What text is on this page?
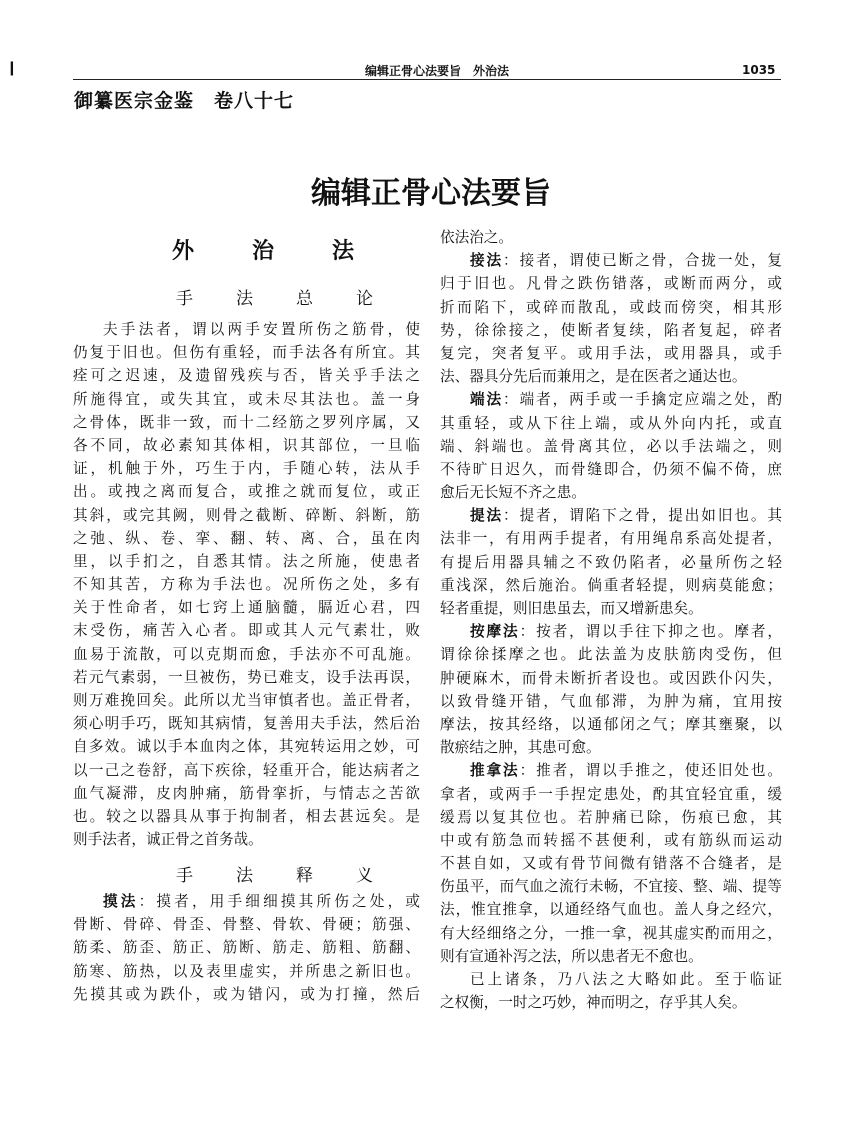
❙	编辑正骨心法要旨　外治法	1035
御纂医宗金鉴　卷八十七
编辑正骨心法要旨
外　治　法
手　法　总　论
夫手法者，谓以两手安置所伤之筋骨，使
仍复于旧也。但伤有重轻，而手法各有所宜。其
痊可之迟速，及遗留残疾与否，皆关乎手法之
所施得宜，或失其宜，或未尽其法也。盖一身
之骨体，既非一致，而十二经筋之罗列序属，又
各不同，故必素知其体相，识其部位，一旦临
证，机触于外，巧生于内，手随心转，法从手
出。或拽之离而复合，或推之就而复位，或正
其斜，或完其阙，则骨之截断、碎断、斜断，筋
之弛、纵、卷、挛、翻、转、离、合，虽在肉
里，以手扪之，自悉其情。法之所施，使患者
不知其苦，方称为手法也。况所伤之处，多有
关于性命者，如七窍上通脑髓，膈近心君，四
末受伤，痛苦入心者。即或其人元气素壮，败
血易于流散，可以克期而愈，手法亦不可乱施。
若元气素弱，一旦被伤，势已难支，设手法再误，
则万难挽回矣。此所以尤当审慎者也。盖正骨者，
须心明手巧，既知其病情，复善用夫手法，然后治
自多效。诚以手本血肉之体，其宛转运用之妙，可
以一己之卷舒，高下疾徐，轻重开合，能达病者之
血气凝滞，皮肉肿痛，筋骨挛折，与情志之苦欲
也。较之以器具从事于拘制者，相去甚远矣。是
则手法者，诚正骨之首务哉。
手　法　释　义
摸法：摸者，用手细细摸其所伤之处，或
骨断、骨碎、骨歪、骨整、骨软、骨硬；筋强、
筋柔、筋歪、筋正、筋断、筋走、筋粗、筋翻、
筋寒、筋热，以及表里虚实，并所患之新旧也。
先摸其或为跌仆，或为错闪，或为打撞，然后
依法治之。
接法：接者，谓使已断之骨，合拢一处，复
归于旧也。凡骨之跌伤错落，或断而两分，或
折而陷下，或碎而散乱，或歧而傍突，相其形
势，徐徐接之，使断者复续，陷者复起，碎者
复完，突者复平。或用手法，或用器具，或手
法、器具分先后而兼用之，是在医者之通达也。
端法：端者，两手或一手擒定应端之处，酌
其重轻，或从下往上端，或从外向内托，或直
端、斜端也。盖骨离其位，必以手法端之，则
不待旷日迟久，而骨缝即合，仍须不偏不倚，庶
愈后无长短不齐之患。
提法：提者，谓陷下之骨，提出如旧也。其
法非一，有用两手提者，有用绳帛系高处提者，
有提后用器具辅之不致仍陷者，必量所伤之轻
重浅深，然后施治。倘重者轻提，则病莫能愈；
轻者重提，则旧患虽去，而又增新患矣。
按摩法：按者，谓以手往下抑之也。摩者，
谓徐徐揉摩之也。此法盖为皮肤筋肉受伤，但
肿硬麻木，而骨未断折者设也。或因跌仆闪失，
以致骨缝开错，气血郁滞，为肿为痛，宜用按
摩法，按其经络，以通郁闭之气；摩其壅聚，以
散瘀结之肿，其患可愈。
推拿法：推者，谓以手推之，使还旧处也。
拿者，或两手一手捏定患处，酌其宜轻宜重，缓
缓焉以复其位也。若肿痛已除，伤痕已愈，其
中或有筋急而转摇不甚便利，或有筋纵而运动
不甚自如，又或有骨节间微有错落不合缝者，是
伤虽平，而气血之流行未畅，不宜接、整、端、提等
法，惟宜推拿，以通经络气血也。盖人身之经穴，
有大经细络之分，一推一拿，视其虚实酌而用之，
则有宣通补泻之法，所以患者无不愈也。
已上诸条，乃八法之大略如此。至于临证
之权衡，一时之巧妙，神而明之，存乎其人矣。
